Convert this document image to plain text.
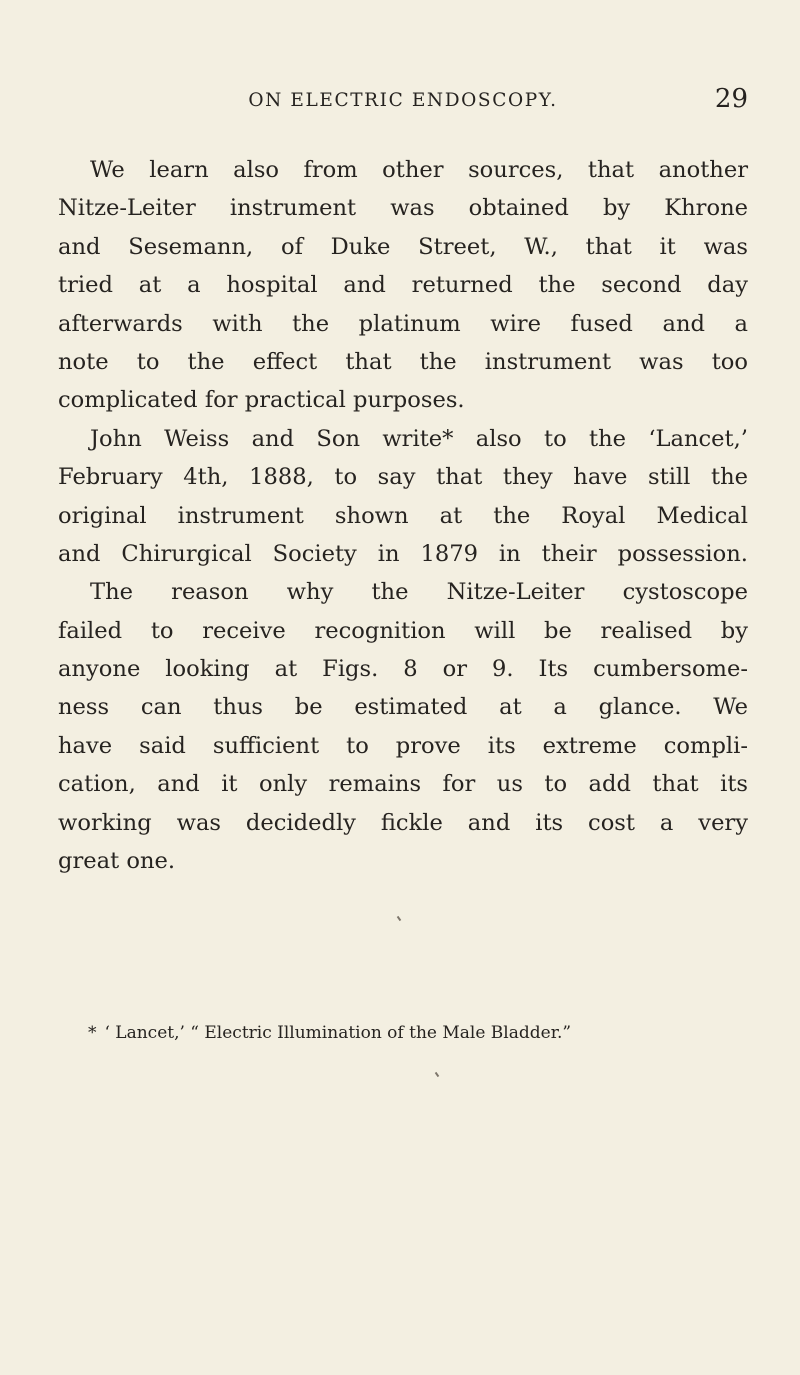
ON ELECTRIC ENDOSCOPY.	29
We learn also from other sources, that another
Nitze-Leiter instrument was obtained by Khrone
and Sesemann, of Duke Street, W., that it was
tried at a hospital and returned the second day
afterwards with the platinum wire fused and a
note to the effect that the instrument was too
complicated for practical purposes.
John Weiss and Son write* also to the ‘Lancet,’
February 4th, 1888, to say that they have still the
original instrument shown at the Royal Medical
and Chirurgical Society in 1879 in their possession.
The reason why the Nitze-Leiter cystoscope
failed to receive recognition will be realised by
anyone looking at Figs. 8 or 9. Its cumbersome-
ness can thus be estimated at a glance. We
have said sufficient to prove its extreme compli-
cation, and it only remains for us to add that its
working was decidedly fickle and its cost a very
great one.
* ‘ Lancet,’ “ Electric Illumination of the Male Bladder.”
